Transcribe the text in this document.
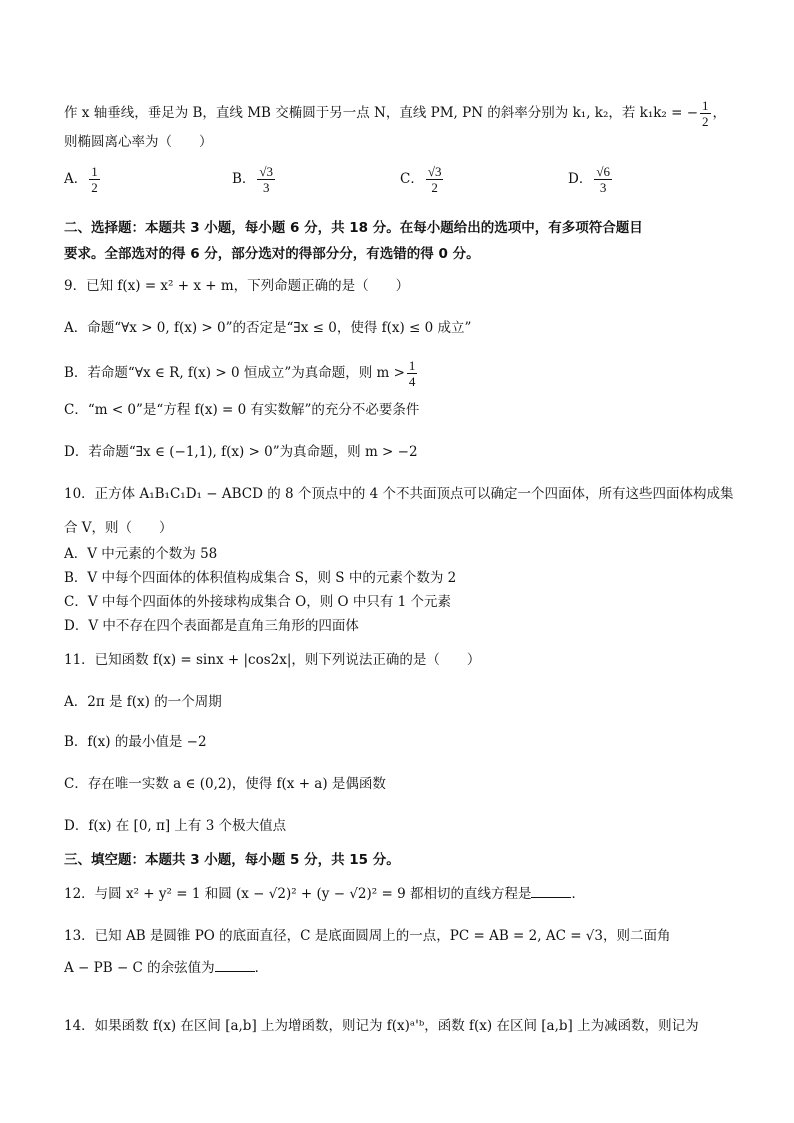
作 x 轴垂线，垂足为 B，直线 MB 交椭圆于另一点 N，直线 PM, PN 的斜率分别为 k₁, k₂，若 k₁k₂ = − $\frac{1}{2}$ ，
则椭圆离心率为（　　）
A． $\frac{1}{2}$	B． $\frac{√3}{3}$	C． $\frac{√3}{2}$	D． $\frac{√6}{3}$
二、选择题：本题共 3 小题，每小题 6 分，共 18 分。在每小题给出的选项中，有多项符合题目
要求。全部选对的得 6 分，部分选对的得部分分，有选错的得 0 分。
9．已知 f(x) = x² + x + m，下列命题正确的是（　　）
A．命题“∀x > 0, f(x) > 0”的否定是“∃x ≤ 0，使得 f(x) ≤ 0 成立”
B．若命题“∀x ∈ R, f(x) > 0 恒成立”为真命题，则 $m > \frac{1}{4}$
C．“m < 0”是“方程 f(x) = 0 有实数解”的充分不必要条件
D．若命题“∃x ∈ (−1,1), f(x) > 0”为真命题，则 m > −2
10．正方体 A₁B₁C₁D₁ − ABCD 的 8 个顶点中的 4 个不共面顶点可以确定一个四面体，所有这些四面体构成集
合 V，则（　　）
A．V 中元素的个数为 58
B．V 中每个四面体的体积值构成集合 S，则 S 中的元素个数为 2
C．V 中每个四面体的外接球构成集合 O，则 O 中只有 1 个元素
D．V 中不存在四个表面都是直角三角形的四面体
11．已知函数 f(x) = sinx + |cos2x|，则下列说法正确的是（　　）
A．2π 是 f(x) 的一个周期
B．f(x) 的最小值是 −2
C．存在唯一实数 a ∈ (0,2)，使得 f(x + a) 是偶函数
D．f(x) 在 [0, π] 上有 3 个极大值点
三、填空题：本题共 3 小题，每小题 5 分，共 15 分。
12．与圆 x² + y² = 1 和圆 (x − √2)² + (y − √2)² = 9 都相切的直线方程是	．
13．已知 AB 是圆锥 PO 的底面直径，C 是底面圆周上的一点，PC = AB = 2, AC = √3，则二面角
A − PB − C 的余弦值为	．
14．如果函数 f(x) 在区间 [a,b] 上为增函数，则记为 f(x)ᵃ'ᵇ，函数 f(x) 在区间 [a,b] 上为减函数，则记为
